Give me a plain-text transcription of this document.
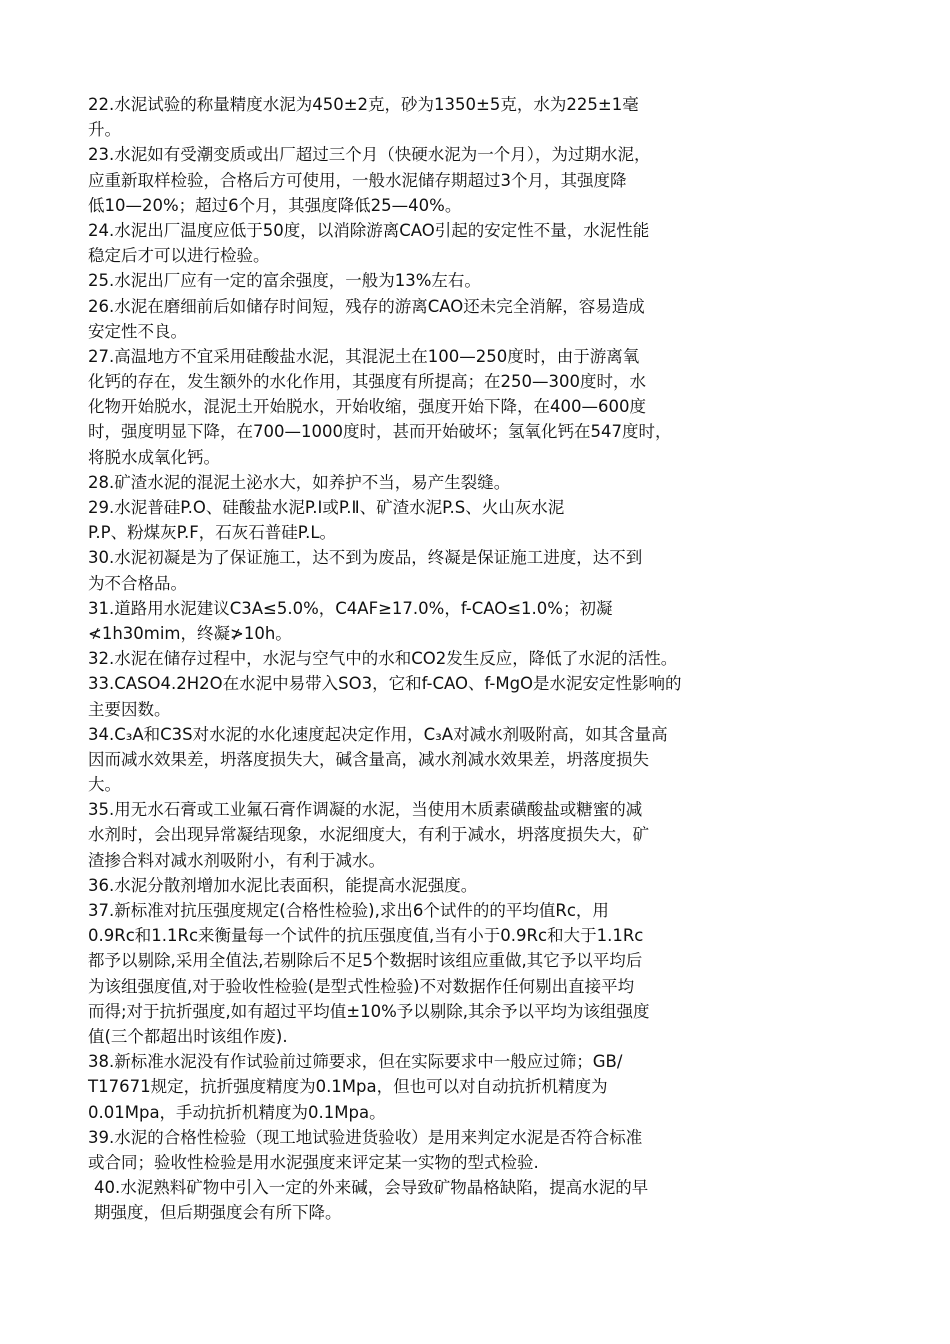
22.水泥试验的称量精度水泥为450±2克，砂为1350±5克，水为225±1毫
升。
23.水泥如有受潮变质或出厂超过三个月（快硬水泥为一个月），为过期水泥，
应重新取样检验，合格后方可使用，一般水泥储存期超过3个月，其强度降
低10—20%；超过6个月，其强度降低25—40%。
24.水泥出厂温度应低于50度，以消除游离CAO引起的安定性不量，水泥性能
稳定后才可以进行检验。
25.水泥出厂应有一定的富余强度，一般为13%左右。
26.水泥在磨细前后如储存时间短，残存的游离CAO还未完全消解，容易造成
安定性不良。
27.高温地方不宜采用硅酸盐水泥，其混泥土在100—250度时，由于游离氧
化钙的存在，发生额外的水化作用，其强度有所提高；在250—300度时，水
化物开始脱水，混泥土开始脱水，开始收缩，强度开始下降，在400—600度
时，强度明显下降，在700—1000度时，甚而开始破坏；氢氧化钙在547度时，
将脱水成氧化钙。
28.矿渣水泥的混泥土泌水大，如养护不当，易产生裂缝。
29.水泥普硅P.O、硅酸盐水泥P.Ⅰ或P.Ⅱ、矿渣水泥P.S、火山灰水泥
P.P、粉煤灰P.F，石灰石普硅P.L。
30.水泥初凝是为了保证施工，达不到为废品，终凝是保证施工进度，达不到
为不合格品。
31.道路用水泥建议C3A≤5.0%，C4AF≥17.0%，f-CAO≤1.0%；初凝
≮1h30mim，终凝≯10h。
32.水泥在储存过程中，水泥与空气中的水和CO2发生反应，降低了水泥的活性。
33.CASO4.2H2O在水泥中易带入SO3，它和f-CAO、f-MgO是水泥安定性影响的
主要因数。
34.C₃A和C3S对水泥的水化速度起决定作用，C₃A对减水剂吸附高，如其含量高
因而减水效果差，坍落度损失大，碱含量高，减水剂减水效果差，坍落度损失
大。
35.用无水石膏或工业氟石膏作调凝的水泥，当使用木质素磺酸盐或糖蜜的减
水剂时，会出现异常凝结现象，水泥细度大，有利于减水，坍落度损失大，矿
渣掺合料对减水剂吸附小，有利于减水。
36.水泥分散剂增加水泥比表面积，能提高水泥强度。
37.新标准对抗压强度规定(合格性检验),求出6个试件的的平均值Rc，用
0.9Rc和1.1Rc来衡量每一个试件的抗压强度值,当有小于0.9Rc和大于1.1Rc
都予以剔除,采用全值法,若剔除后不足5个数据时该组应重做,其它予以平均后
为该组强度值,对于验收性检验(是型式性检验)不对数据作任何剔出直接平均
而得;对于抗折强度,如有超过平均值±10%予以剔除,其余予以平均为该组强度
值(三个都超出时该组作废).
38.新标准水泥没有作试验前过筛要求，但在实际要求中一般应过筛；GB/
T17671规定，抗折强度精度为0.1Mpa，但也可以对自动抗折机精度为
0.01Mpa，手动抗折机精度为0.1Mpa。
39.水泥的合格性检验（现工地试验进货验收）是用来判定水泥是否符合标准
或合同；验收性检验是用水泥强度来评定某一实物的型式检验.
40.水泥熟料矿物中引入一定的外来碱，会导致矿物晶格缺陷，提高水泥的早
期强度，但后期强度会有所下降。
